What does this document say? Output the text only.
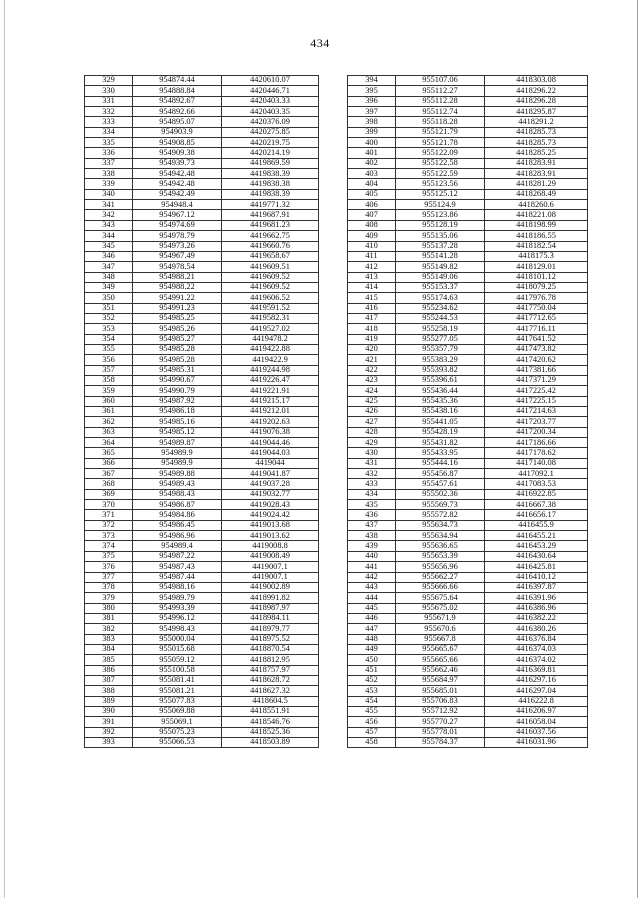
434
329	954874.44	4420610.07
330	954888.84	4420446.71
331	954892.67	4420403.33
332	954892.66	4420403.35
333	954895.07	4420376.09
334	954903.9	4420275.85
335	954908.85	4420219.75
336	954909.38	4420214.19
337	954939.73	4419869.59
338	954942.48	4419838.39
339	954942.48	4419838.38
340	954942.49	4419838.39
341	954948.4	4419771.32
342	954967.12	4419687.91
343	954974.69	4419681.23
344	954978.79	4419662.75
345	954973.26	4419660.76
346	954967.49	4419658.67
347	954978.54	4419609.51
348	954988.21	4419609.52
349	954988.22	4419609.52
350	954991.22	4419606.52
351	954991.23	4419591.52
352	954985.25	4419582.31
353	954985.26	4419527.02
354	954985.27	4419478.2
355	954985.28	4419422.88
356	954985.28	4419422.9
357	954985.31	4419244.98
358	954990.67	4419226.47
359	954990.79	4419221.91
360	954987.92	4419215.17
361	954986.18	4419212.01
362	954985.16	4419202.63
363	954985.12	4419076.38
364	954989.87	4419044.46
365	954989.9	4419044.03
366	954989.9	4419044
367	954989.88	4419041.87
368	954989.43	4419037.28
369	954988.43	4419032.77
370	954986.87	4419028.43
371	954984.86	4419024.42
372	954986.45	4419013.68
373	954986.96	4419013.62
374	954989.4	4419008.8
375	954987.22	4419008.49
376	954987.43	4419007.1
377	954987.44	4419007.1
378	954988.16	4419002.89
379	954989.79	4418991.82
380	954993.39	4418987.97
381	954996.12	4418984.11
382	954998.43	4418979.77
383	955000.04	4418975.52
384	955015.68	4418870.54
385	955059.12	4418812.95
386	955100.58	4418757.97
387	955081.41	4418628.72
388	955081.21	4418627.32
389	955077.83	4418604.5
390	955069.88	4418551.91
391	955069.1	4418546.76
392	955075.23	4418525.36
393	955066.53	4418503.89
394	955107.06	4418303.08
395	955112.27	4418296.22
396	955112.28	4418296.28
397	955112.74	4418295.87
398	955118.28	4418291.2
399	955121.79	4418285.73
400	955121.78	4418285.73
401	955122.09	4418285.25
402	955122.58	4418283.91
403	955122.59	4418283.91
404	955123.56	4418281.29
405	955125.12	4418268.49
406	955124.9	4418260.6
407	955123.86	4418221.08
408	955128.19	4418198.99
409	955135.06	4418186.55
410	955137.28	4418182.54
411	955141.28	4418175.3
412	955149.82	4418129.01
413	955149.06	4418101.12
414	955153.37	4418079.25
415	955174.63	4417976.78
416	955234.62	4417750.04
417	955244.53	4417712.65
418	955258.19	4417716.11
419	955277.05	4417641.52
420	955357.79	4417473.82
421	955383.29	4417420.62
422	955393.82	4417381.66
423	955396.61	4417371.29
424	955436.44	4417225.42
425	955435.36	4417225.15
426	955438.16	4417214.63
427	955441.05	4417203.77
428	955428.19	4417200.34
429	955431.82	4417186.66
430	955433.95	4417178.62
431	955444.16	4417140.08
432	955456.87	4417092.1
433	955457.61	4417083.53
434	955502.36	4416922.85
435	955569.73	4416667.38
436	955572.82	4416656.17
437	955634.73	4416455.9
438	955634.94	4416455.21
439	955636.65	4416453.29
440	955653.39	4416430.64
441	955656.96	4416425.81
442	955662.27	4416410.12
443	955666.66	4416397.87
444	955675.64	4416391.96
445	955675.02	4416386.96
446	955671.9	4416382.22
447	955670.6	4416380.26
448	955667.8	4416376.84
449	955665.67	4416374.03
450	955665.66	4416374.02
451	955662.46	4416369.81
452	955684.97	4416297.16
453	955685.01	4416297.04
454	955706.83	4416222.8
455	955712.92	4416206.97
456	955770.27	4416058.04
457	955778.01	4416037.56
458	955784.37	4416031.96
